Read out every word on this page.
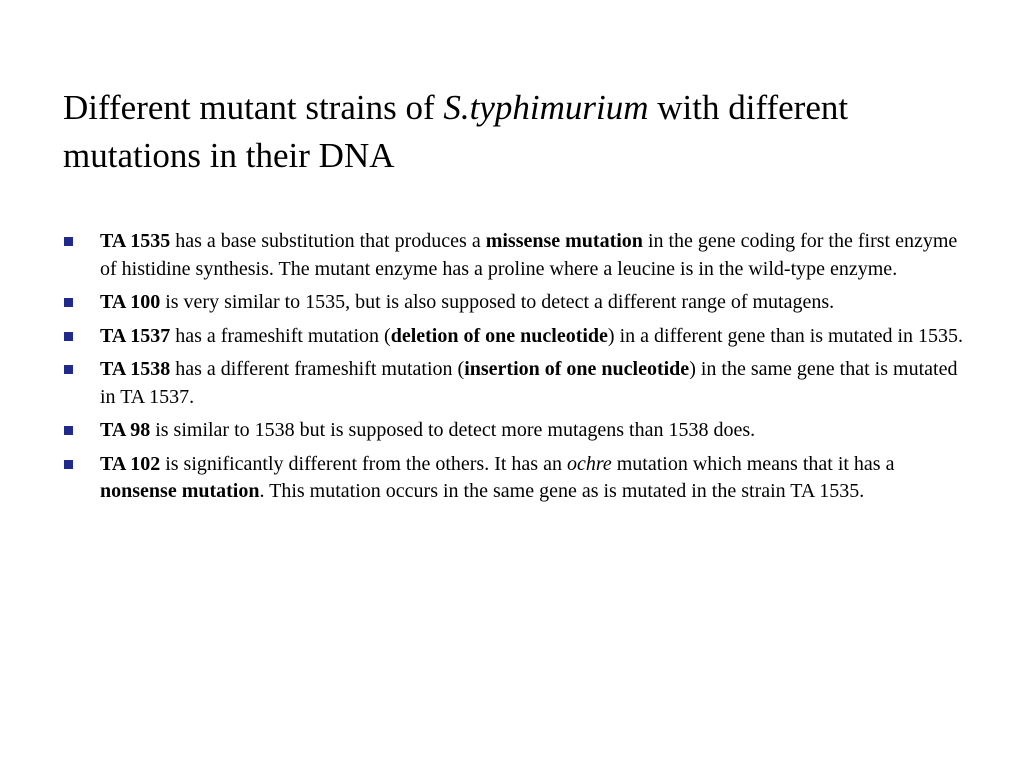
Different mutant strains of S.typhimurium with different mutations in their DNA
TA 1535 has a base substitution that produces a missense mutation in the gene coding for the first enzyme of histidine synthesis. The mutant enzyme has a proline where a leucine is in the wild-type enzyme.
TA 100 is very similar to 1535, but is also supposed to detect a different range of mutagens.
TA 1537 has a frameshift mutation (deletion of one nucleotide) in a different gene than is mutated in 1535.
TA 1538 has a different frameshift mutation (insertion of one nucleotide) in the same gene that is mutated in TA 1537.
TA 98 is similar to 1538 but is supposed to detect more mutagens than 1538 does.
TA 102 is significantly different from the others. It has an ochre mutation which means that it has a nonsense mutation. This mutation occurs in the same gene as is mutated in the strain TA 1535.
